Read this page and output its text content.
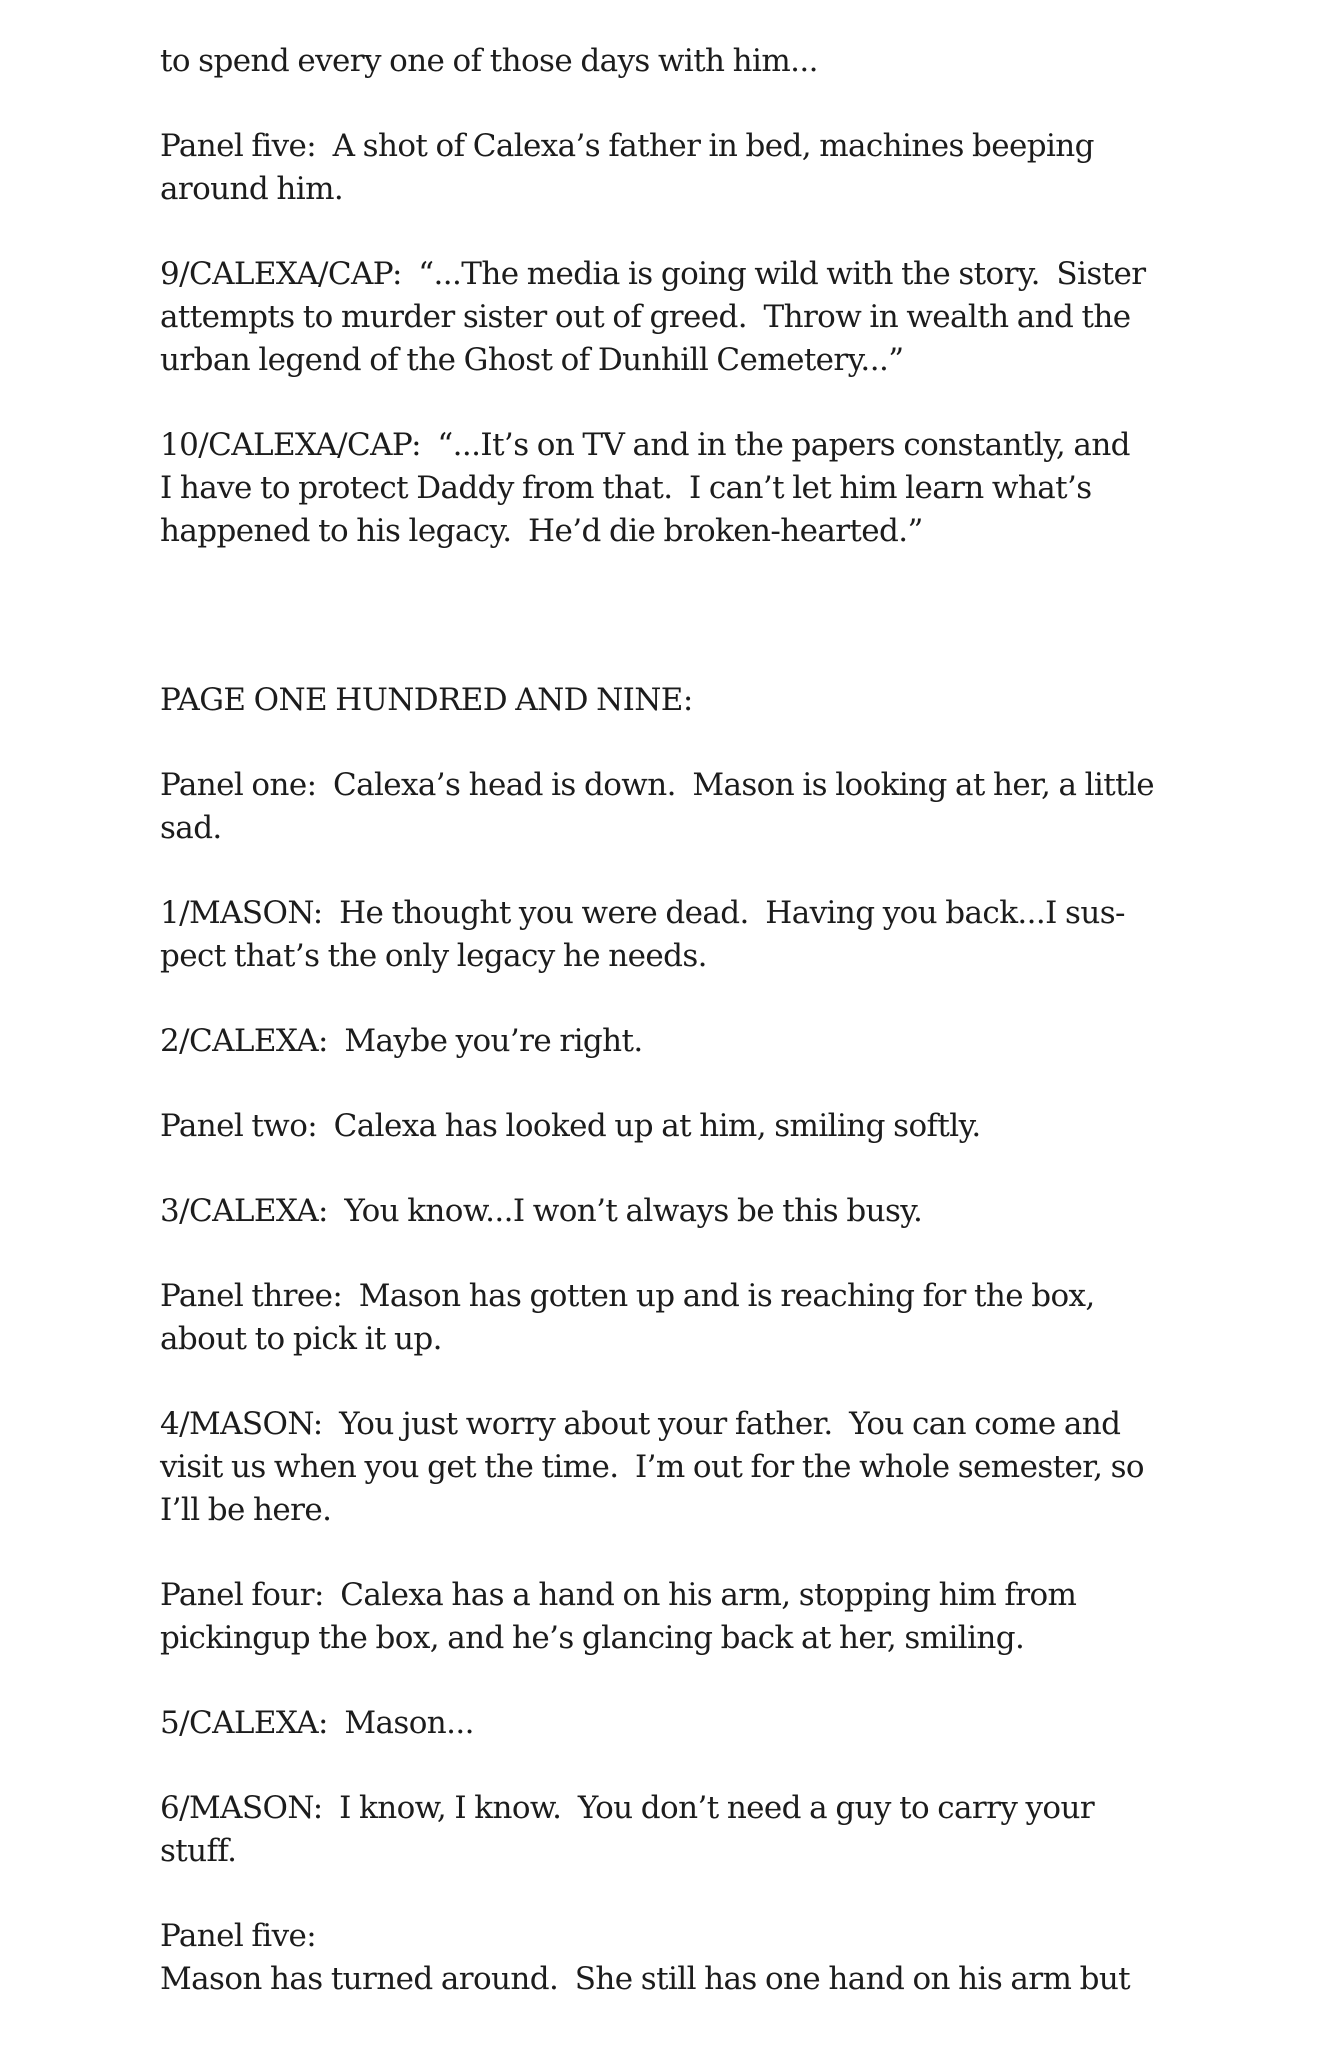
to spend every one of those days with him...

Panel five:  A shot of Calexa’s father in bed, machines beeping
around him.

9/CALEXA/CAP:  “...The media is going wild with the story.  Sister
attempts to murder sister out of greed.  Throw in wealth and the
urban legend of the Ghost of Dunhill Cemetery...”

10/CALEXA/CAP:  “...It’s on TV and in the papers constantly, and
I have to protect Daddy from that.  I can’t let him learn what’s
happened to his legacy.  He’d die broken-hearted.”

PAGE ONE HUNDRED AND NINE:

Panel one:  Calexa’s head is down.  Mason is looking at her, a little
sad.

1/MASON:  He thought you were dead.  Having you back...I sus-
pect that’s the only legacy he needs.

2/CALEXA:  Maybe you’re right.

Panel two:  Calexa has looked up at him, smiling softly.

3/CALEXA:  You know...I won’t always be this busy.

Panel three:  Mason has gotten up and is reaching for the box,
about to pick it up.

4/MASON:  You just worry about your father.  You can come and
visit us when you get the time.  I’m out for the whole semester, so
I’ll be here.

Panel four:  Calexa has a hand on his arm, stopping him from
pickingup the box, and he’s glancing back at her, smiling.

5/CALEXA:  Mason...

6/MASON:  I know, I know.  You don’t need a guy to carry your
stuff.

Panel five:
Mason has turned around.  She still has one hand on his arm but
